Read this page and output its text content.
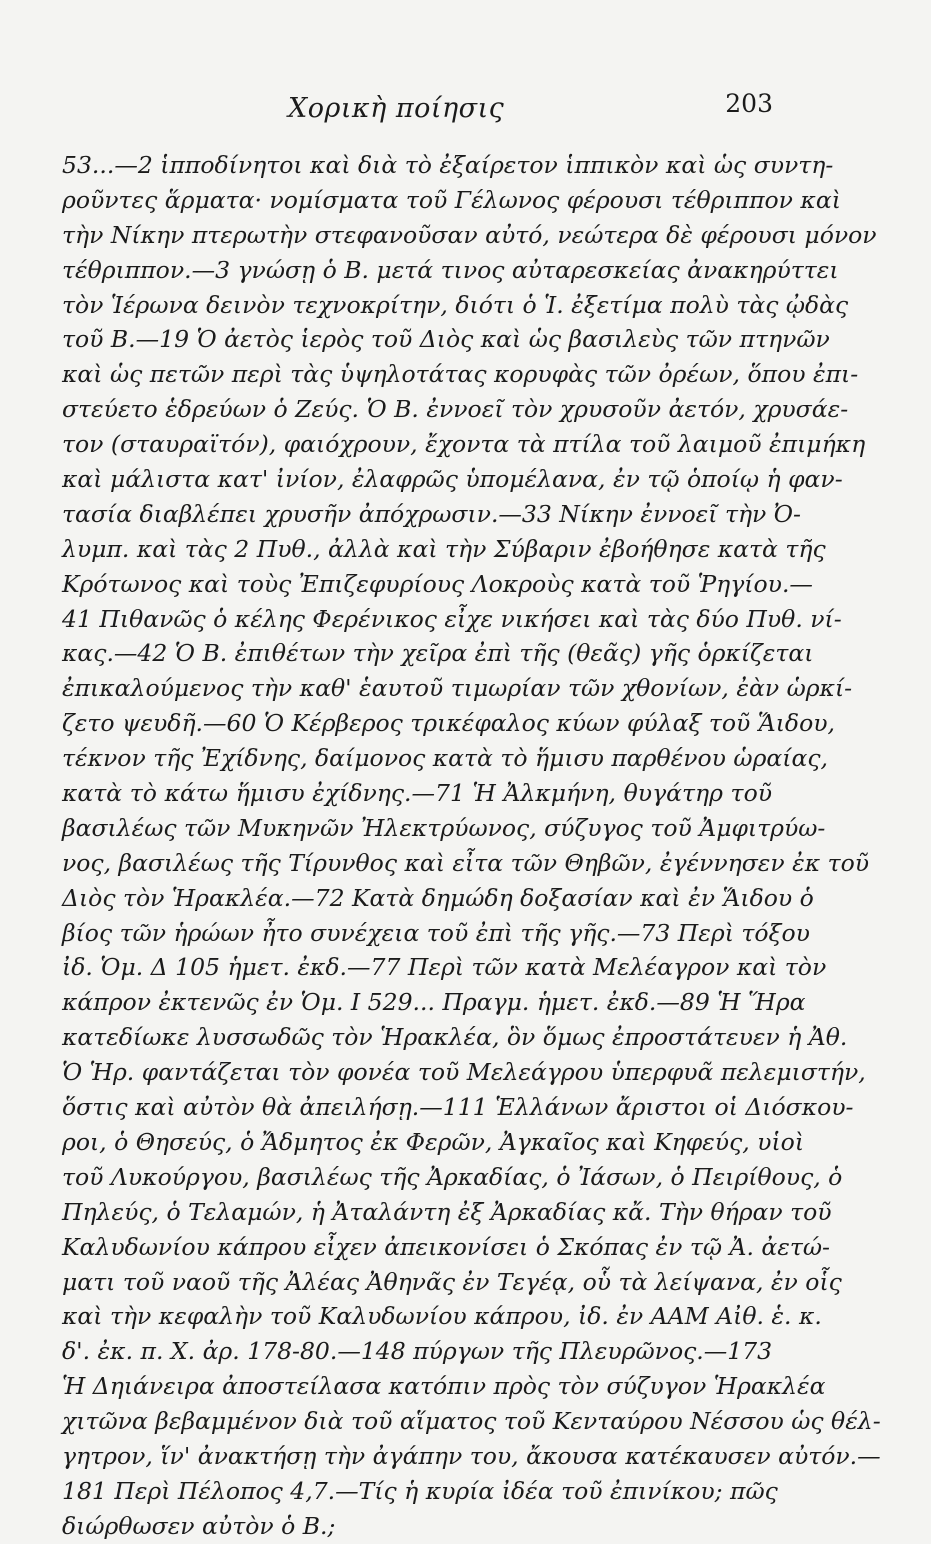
Χορικὴ ποίησις	203
53...—2 ἱπποδίνητοι καὶ διὰ τὸ ἐξαίρετον ἱππικὸν καὶ ὡς συντη-
ροῦντες ἅρματα· νομίσματα τοῦ Γέλωνος φέρουσι τέθριππον καὶ
τὴν Νίκην πτερωτὴν στεφανοῦσαν αὐτό, νεώτερα δὲ φέρουσι μόνον
τέθριππον.—3 γνώσῃ ὁ Β. μετά τινος αὐταρεσκείας ἀνακηρύττει
τὸν Ἱέρωνα δεινὸν τεχνοκρίτην, διότι ὁ Ἱ. ἐξετίμα πολὺ τὰς ᾠδὰς
τοῦ Β.—19 Ὁ ἀετὸς ἱερὸς τοῦ Διὸς καὶ ὡς βασιλεὺς τῶν πτηνῶν
καὶ ὡς πετῶν περὶ τὰς ὑψηλοτάτας κορυφὰς τῶν ὀρέων, ὅπου ἐπι-
στεύετο ἑδρεύων ὁ Ζεύς. Ὁ Β. ἐννοεῖ τὸν χρυσοῦν ἀετόν, χρυσάε-
τον (σταυραϊτόν), φαιόχρουν, ἔχοντα τὰ πτίλα τοῦ λαιμοῦ ἐπιμήκη
καὶ μάλιστα κατ' ἰνίον, ἐλαφρῶς ὑπομέλανα, ἐν τῷ ὁποίῳ ἡ φαν-
τασία διαβλέπει χρυσῆν ἀπόχρωσιν.—33 Νίκην ἐννοεῖ τὴν Ὀ-
λυμπ. καὶ τὰς 2 Πυθ., ἀλλὰ καὶ τὴν Σύβαριν ἐβοήθησε κατὰ τῆς
Κρότωνος καὶ τοὺς Ἐπιζεφυρίους Λοκροὺς κατὰ τοῦ Ῥηγίου.—
41 Πιθανῶς ὁ κέλης Φερένικος εἶχε νικήσει καὶ τὰς δύο Πυθ. νί-
κας.—42 Ὁ Β. ἐπιθέτων τὴν χεῖρα ἐπὶ τῆς (θεᾶς) γῆς ὁρκίζεται
ἐπικαλούμενος τὴν καθ' ἑαυτοῦ τιμωρίαν τῶν χθονίων, ἐὰν ὡρκί-
ζετο ψευδῆ.—60 Ὁ Κέρβερος τρικέφαλος κύων φύλαξ τοῦ Ἅιδου,
τέκνον τῆς Ἐχίδνης, δαίμονος κατὰ τὸ ἥμισυ παρθένου ὡραίας,
κατὰ τὸ κάτω ἥμισυ ἐχίδνης.—71 Ἡ Ἀλκμήνη, θυγάτηρ τοῦ
βασιλέως τῶν Μυκηνῶν Ἠλεκτρύωνος, σύζυγος τοῦ Ἀμφιτρύω-
νος, βασιλέως τῆς Τίρυνθος καὶ εἶτα τῶν Θηβῶν, ἐγέννησεν ἐκ τοῦ
Διὸς τὸν Ἡρακλέα.—72 Κατὰ δημώδη δοξασίαν καὶ ἐν Ἅιδου ὁ
βίος τῶν ἡρώων ἦτο συνέχεια τοῦ ἐπὶ τῆς γῆς.—73 Περὶ τόξου
ἰδ. Ὁμ. Δ 105 ἡμετ. ἐκδ.—77 Περὶ τῶν κατὰ Μελέαγρον καὶ τὸν
κάπρον ἐκτενῶς ἐν Ὁμ. Ι 529... Πραγμ. ἡμετ. ἐκδ.—89 Ἡ Ἥρα
κατεδίωκε λυσσωδῶς τὸν Ἡρακλέα, ὃν ὅμως ἐπροστάτευεν ἡ Ἀθ.
Ὁ Ἡρ. φαντάζεται τὸν φονέα τοῦ Μελεάγρου ὑπερφυᾶ πελεμιστήν,
ὅστις καὶ αὐτὸν θὰ ἀπειλήσῃ.—111 Ἑλλάνων ἄριστοι οἱ Διόσκου-
ροι, ὁ Θησεύς, ὁ Ἄδμητος ἐκ Φερῶν, Ἀγκαῖος καὶ Κηφεύς, υἱοὶ
τοῦ Λυκούργου, βασιλέως τῆς Ἀρκαδίας, ὁ Ἰάσων, ὁ Πειρίθους, ὁ
Πηλεύς, ὁ Τελαμών, ἡ Ἀταλάντη ἐξ Ἀρκαδίας κἄ. Τὴν θήραν τοῦ
Καλυδωνίου κάπρου εἶχεν ἀπεικονίσει ὁ Σκόπας ἐν τῷ Ἀ. ἀετώ-
ματι τοῦ ναοῦ τῆς Ἀλέας Ἀθηνᾶς ἐν Τεγέᾳ, οὗ τὰ λείψανα, ἐν οἷς
καὶ τὴν κεφαλὴν τοῦ Καλυδωνίου κάπρου, ἰδ. ἐν ΑΑΜ Αἰθ. ἑ. κ.
δ'. ἐκ. π. Χ. ἀρ. 178-80.—148 πύργων τῆς Πλευρῶνος.—173
Ἡ Δηιάνειρα ἀποστείλασα κατόπιν πρὸς τὸν σύζυγον Ἡρακλέα
χιτῶνα βεβαμμένον διὰ τοῦ αἵματος τοῦ Κενταύρου Νέσσου ὡς θέλ-
γητρον, ἵν' ἀνακτήσῃ τὴν ἀγάπην του, ἄκουσα κατέκαυσεν αὐτόν.—
181 Περὶ Πέλοπος 4,7.—Τίς ἡ κυρία ἰδέα τοῦ ἐπινίκου; πῶς
διώρθωσεν αὐτὸν ὁ Β.;
